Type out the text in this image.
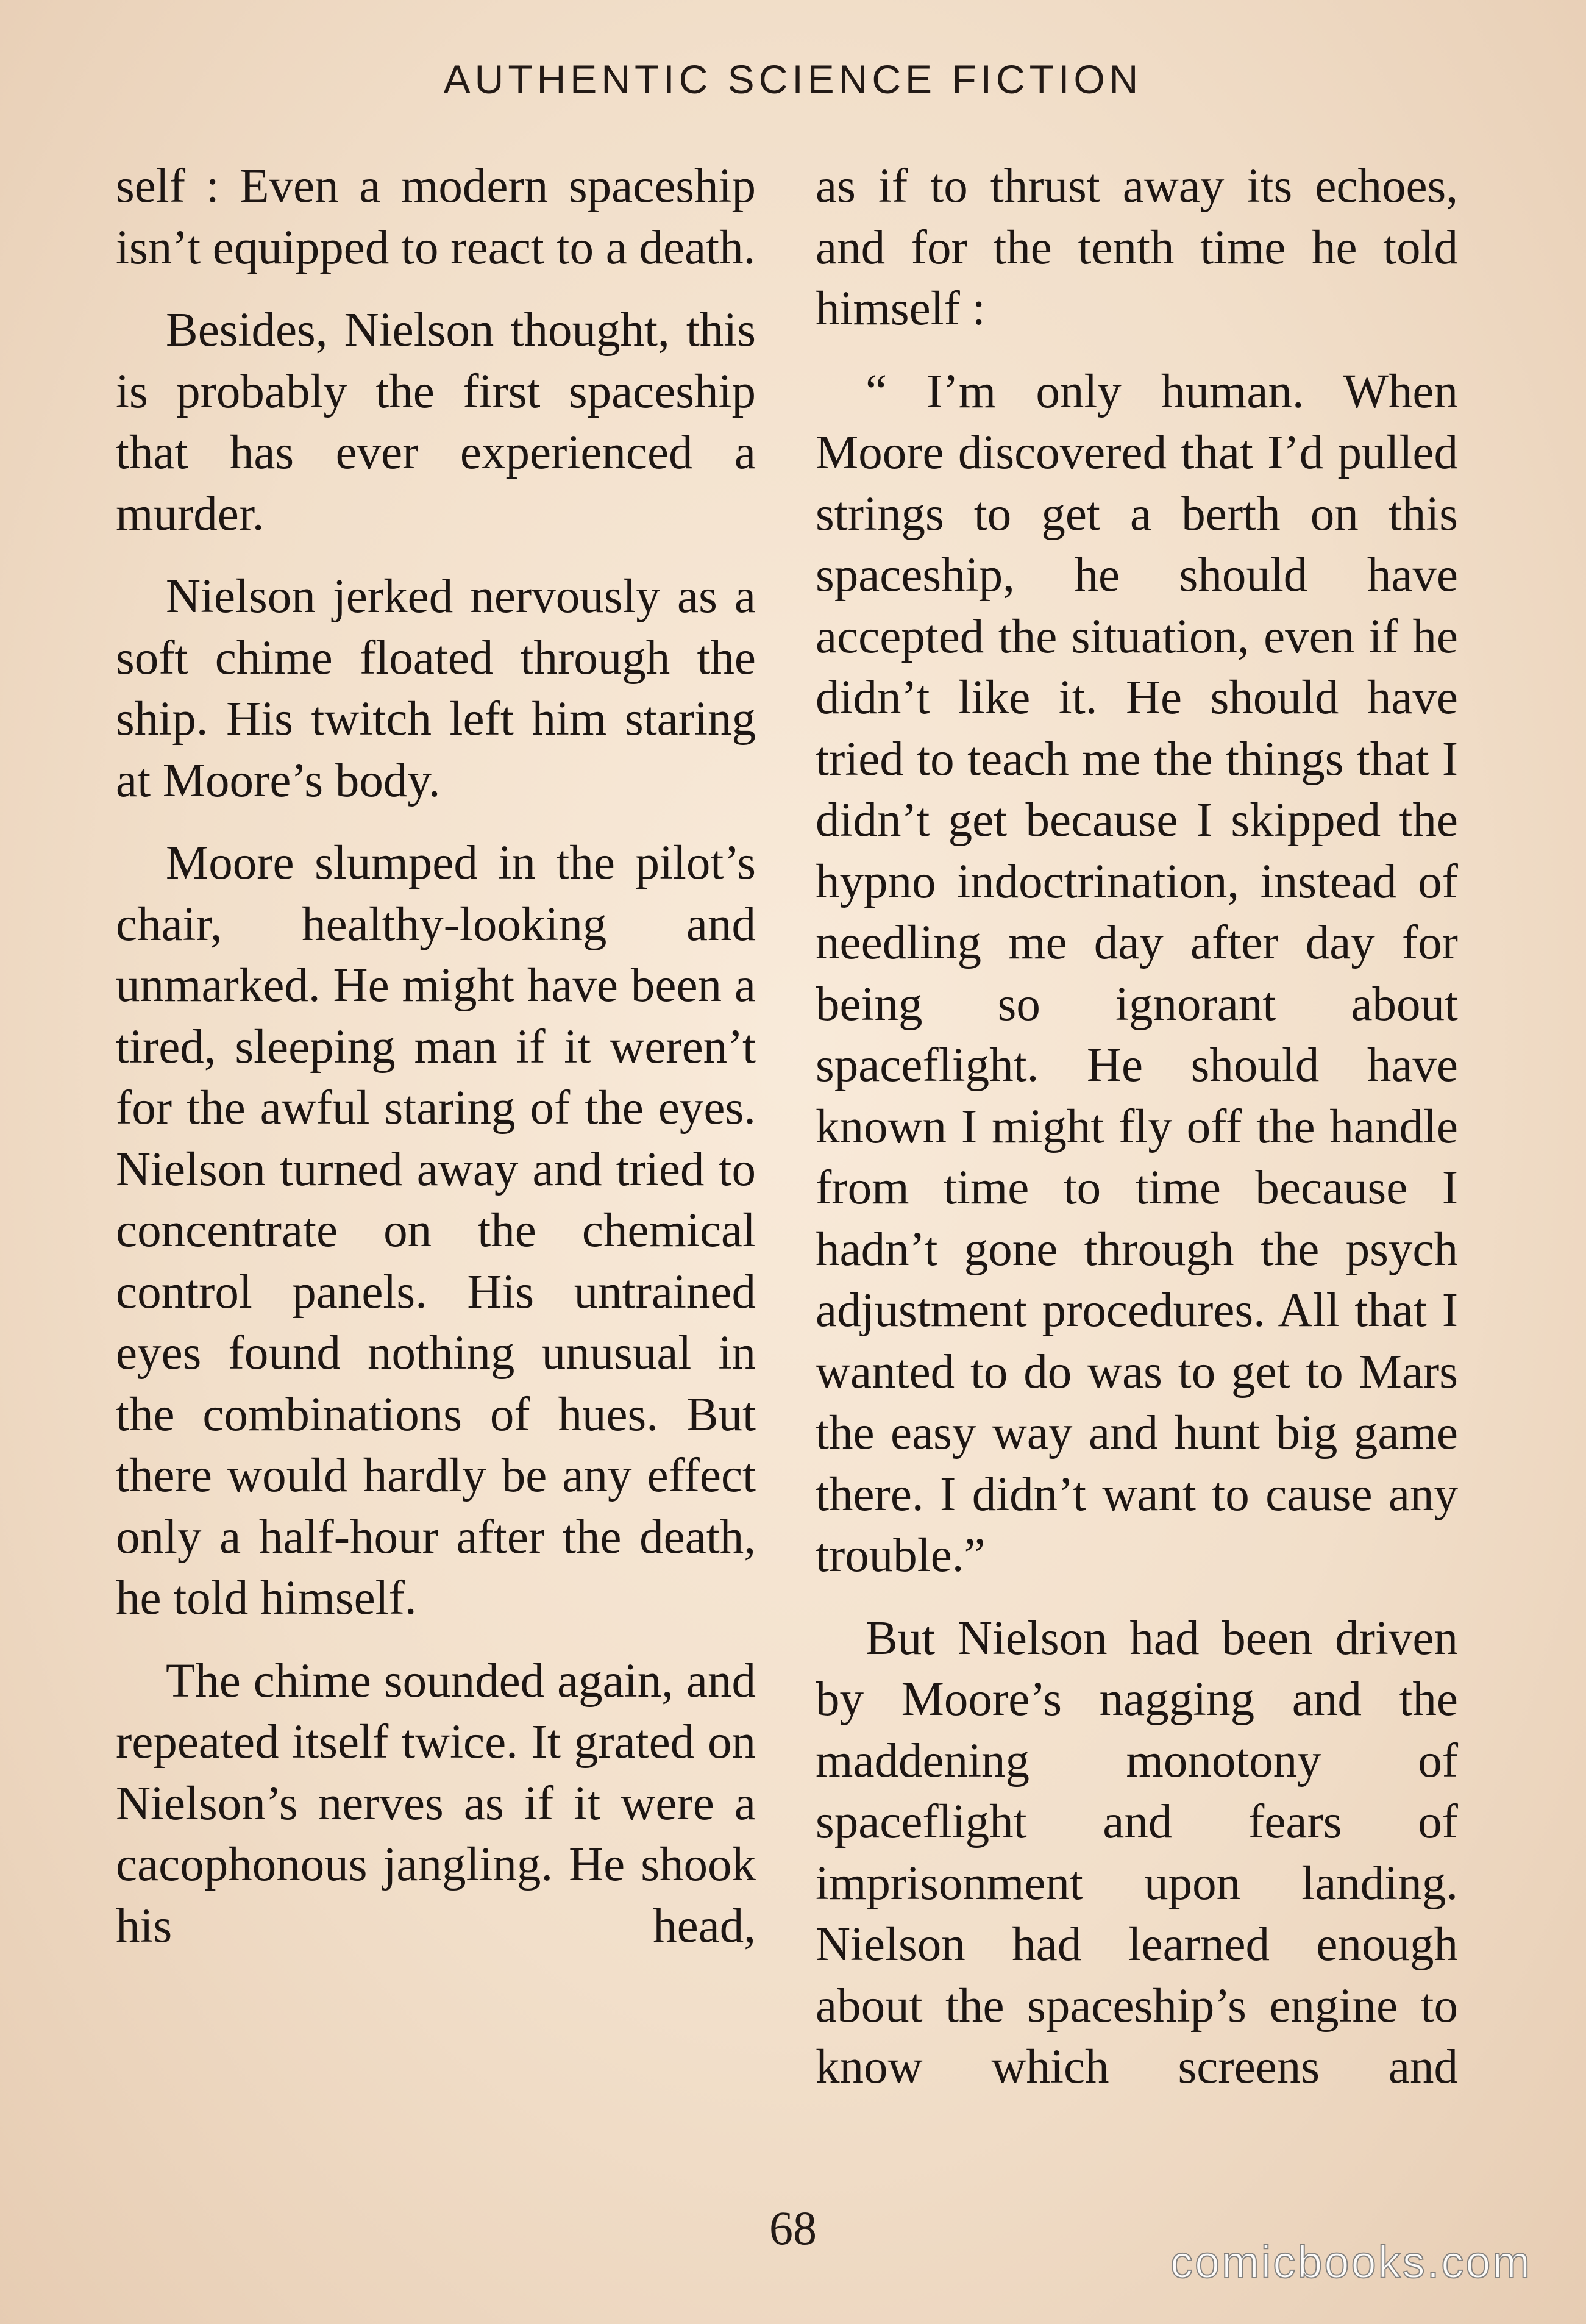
AUTHENTIC SCIENCE FICTION

self : Even a modern spaceship isn’t equipped to react to a death.

Besides, Nielson thought, this is probably the first spaceship that has ever experienced a murder.

Nielson jerked nervously as a soft chime floated through the ship. His twitch left him staring at Moore’s body.

Moore slumped in the pilot’s chair, healthy-looking and unmarked. He might have been a tired, sleeping man if it weren’t for the awful staring of the eyes. Nielson turned away and tried to concentrate on the chemical control panels. His untrained eyes found nothing unusual in the combinations of hues. But there would hardly be any effect only a half-hour after the death, he told himself.

The chime sounded again, and repeated itself twice. It grated on Nielson’s nerves as if it were a cacophonous jangling. He shook his head,

as if to thrust away its echoes, and for the tenth time he told himself :

“ I’m only human. When Moore discovered that I’d pulled strings to get a berth on this spaceship, he should have accepted the situation, even if he didn’t like it. He should have tried to teach me the things that I didn’t get because I skipped the hypno indoctrination, instead of needling me day after day for being so ignorant about spaceflight. He should have known I might fly off the handle from time to time because I hadn’t gone through the psych adjustment procedures. All that I wanted to do was to get to Mars the easy way and hunt big game there. I didn’t want to cause any trouble.”

But Nielson had been driven by Moore’s nagging and the maddening monotony of spaceflight and fears of imprisonment upon landing. Nielson had learned enough about the spaceship’s engine to know which screens and

68
comicbooks.com
